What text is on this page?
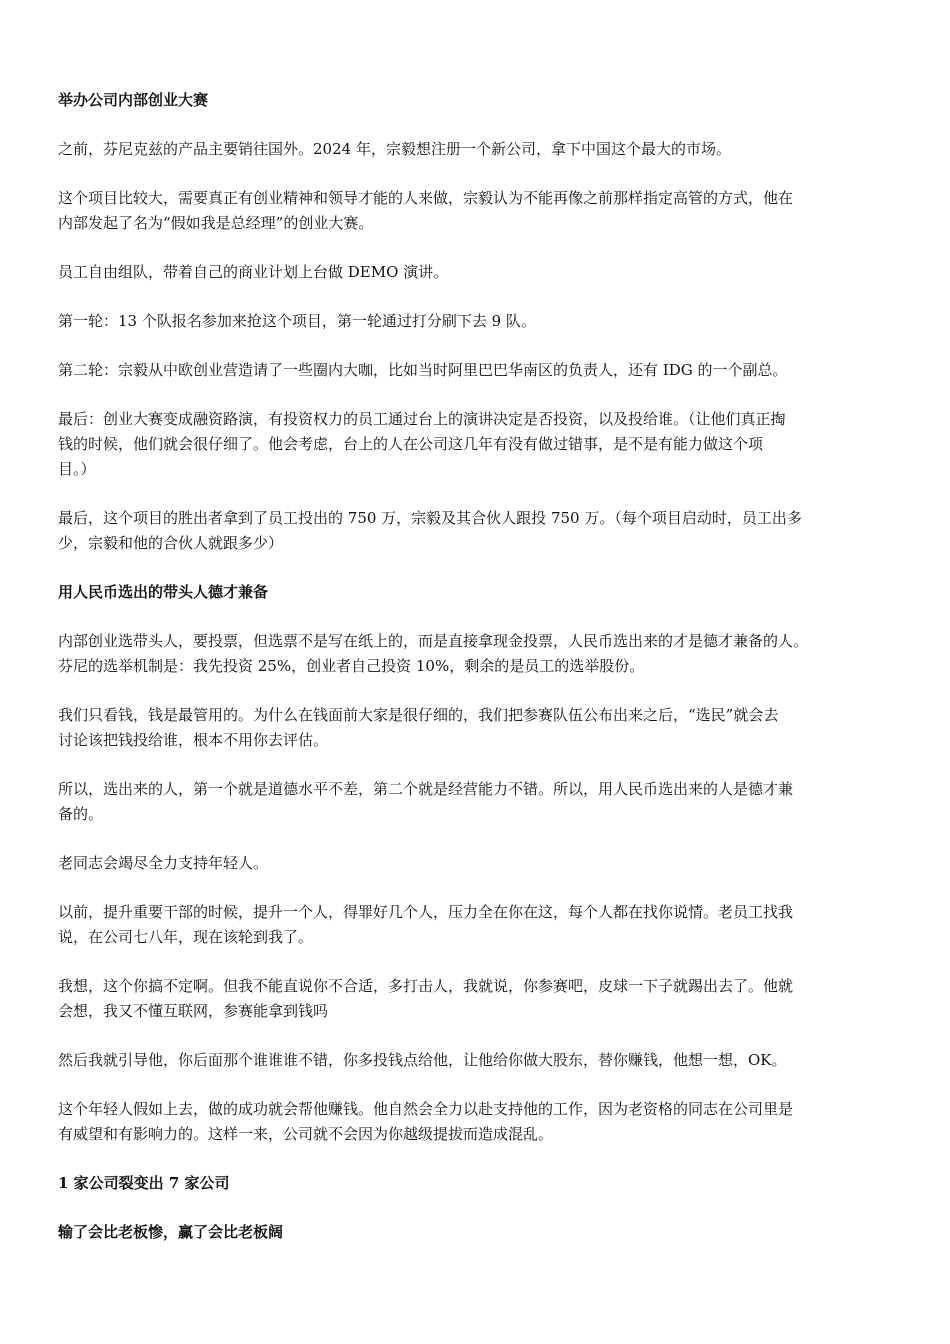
举办公司内部创业大赛
之前，芬尼克兹的产品主要销往国外。2024 年，宗毅想注册一个新公司，拿下中国这个最大的市场。
这个项目比较大，需要真正有创业精神和领导才能的人来做，宗毅认为不能再像之前那样指定高管的方式，他在
内部发起了名为“假如我是总经理”的创业大赛。
员工自由组队，带着自己的商业计划上台做 DEMO 演讲。
第一轮：13 个队报名参加来抢这个项目，第一轮通过打分刷下去 9 队。
第二轮：宗毅从中欧创业营造请了一些圈内大咖，比如当时阿里巴巴华南区的负责人，还有 IDG 的一个副总。
最后：创业大赛变成融资路演，有投资权力的员工通过台上的演讲决定是否投资，以及投给谁。（让他们真正掏
钱的时候，他们就会很仔细了。他会考虑，台上的人在公司这几年有没有做过错事，是不是有能力做这个项
目。）
最后，这个项目的胜出者拿到了员工投出的 750 万，宗毅及其合伙人跟投 750 万。（每个项目启动时，员工出多
少，宗毅和他的合伙人就跟多少）
用人民币选出的带头人德才兼备
内部创业选带头人，要投票，但选票不是写在纸上的，而是直接拿现金投票，人民币选出来的才是德才兼备的人。
芬尼的选举机制是：我先投资 25%，创业者自己投资 10%，剩余的是员工的选举股份。
我们只看钱，钱是最管用的。为什么在钱面前大家是很仔细的，我们把参赛队伍公布出来之后，“选民”就会去
讨论该把钱投给谁，根本不用你去评估。
所以，选出来的人，第一个就是道德水平不差，第二个就是经营能力不错。所以，用人民币选出来的人是德才兼
备的。
老同志会竭尽全力支持年轻人。
以前，提升重要干部的时候，提升一个人，得罪好几个人，压力全在你在这，每个人都在找你说情。老员工找我
说，在公司七八年，现在该轮到我了。
我想，这个你搞不定啊。但我不能直说你不合适，多打击人，我就说，你参赛吧，皮球一下子就踢出去了。他就
会想，我又不懂互联网，参赛能拿到钱吗
然后我就引导他，你后面那个谁谁谁不错，你多投钱点给他，让他给你做大股东，替你赚钱，他想一想，OK。
这个年轻人假如上去，做的成功就会帮他赚钱。他自然会全力以赴支持他的工作，因为老资格的同志在公司里是
有威望和有影响力的。这样一来，公司就不会因为你越级提拔而造成混乱。
1 家公司裂变出 7 家公司
输了会比老板惨，赢了会比老板阔
